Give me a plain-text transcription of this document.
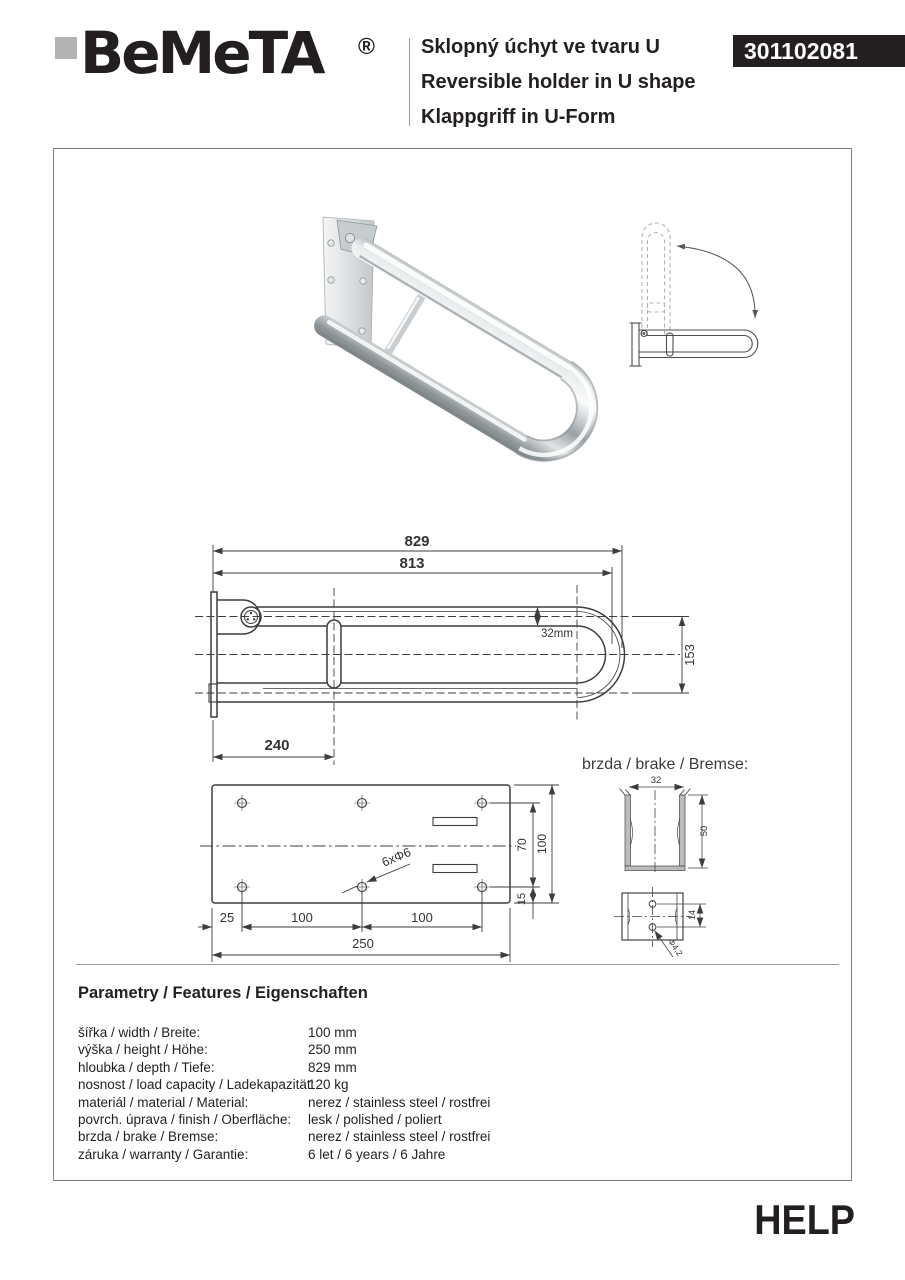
BeMeTA ® Sklopný úchyt ve tvaru U
Reversible holder in U shape
Klappgriff in U-Form
301102081
829
813
32mm
153
240
25	100	100
250
70 100
15
6xΦ6
brzda / brake / Bremse:
32
50
14
Φ4,2
Parametry / Features / Eigenschaften
šířka / width / Breite:	100 mm
výška / height / Höhe:	250 mm
hloubka / depth / Tiefe:	829 mm
nosnost / load capacity / Ladekapazität:
120 kg
materiál / material / Material:	nerez / stainless steel / rostfrei
povrch. úprava / finish / Oberfläche:	lesk / polished / poliert
brzda / brake / Bremse:	nerez / stainless steel / rostfrei
záruka / warranty / Garantie:	6 let / 6 years / 6 Jahre
HELP
